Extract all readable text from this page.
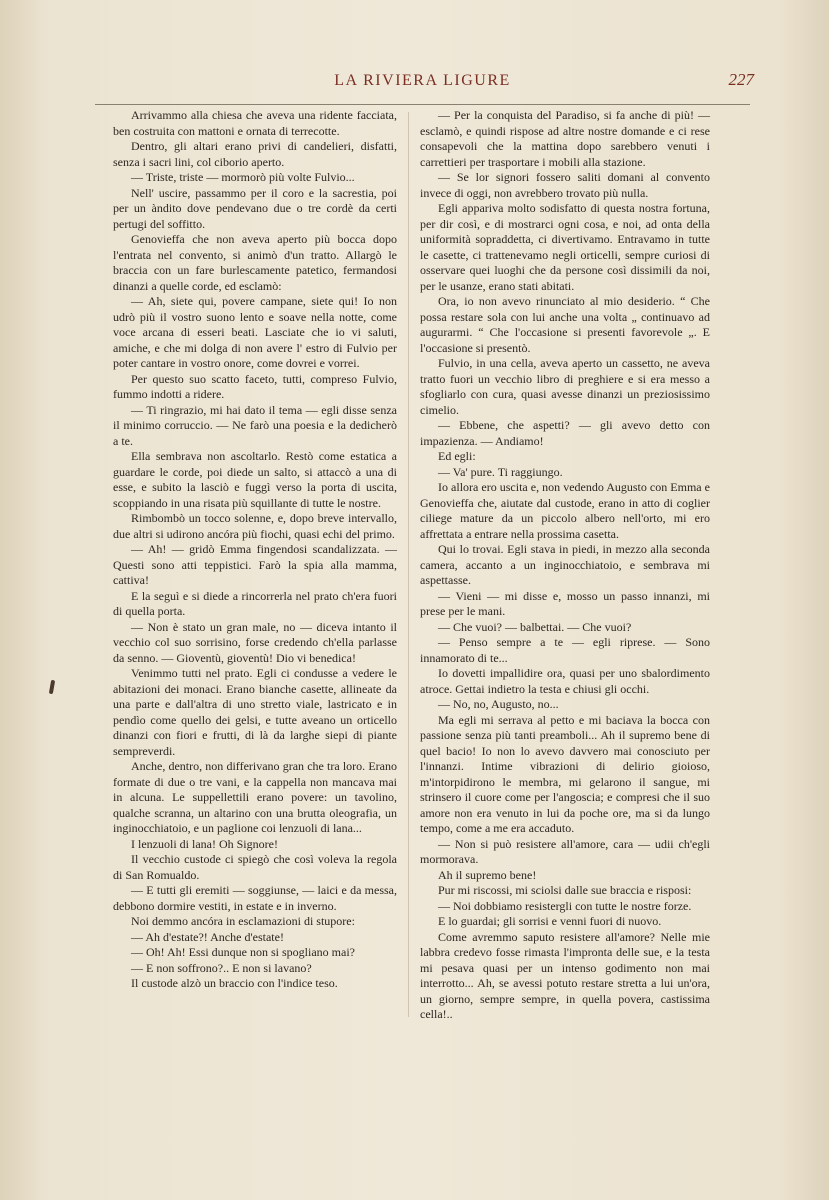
LA RIVIERA LIGURE	227

Arrivammo alla chiesa che aveva una ridente facciata, ben costruita con mattoni e ornata di terrecotte.

Dentro, gli altari erano privi di candelieri, disfatti, senza i sacri lini, col ciborio aperto.

— Triste, triste — mormorò più volte Fulvio...

Nell' uscire, passammo per il coro e la sacrestia, poi per un àndito dove pendevano due o tre cordè da certi pertugi del soffitto.

Genovieffa che non aveva aperto più bocca dopo l'entrata nel convento, si animò d'un tratto. Allargò le braccia con un fare burlescamente patetico, fermandosi dinanzi a quelle corde, ed esclamò:

— Ah, siete qui, povere campane, siete qui! Io non udrò più il vostro suono lento e soave nella notte, come voce arcana di esseri beati. Lasciate che io vi saluti, amiche, e che mi dolga di non avere l' estro di Fulvio per poter cantare in vostro onore, come dovrei e vorrei.

Per questo suo scatto faceto, tutti, compreso Fulvio, fummo indotti a ridere.

— Ti ringrazio, mi hai dato il tema — egli disse senza il minimo corruccio. — Ne farò una poesia e la dedicherò a te.

Ella sembrava non ascoltarlo. Restò come estatica a guardare le corde, poi diede un salto, si attaccò a una di esse, e subito la lasciò e fuggì verso la porta di uscita, scoppiando in una risata più squillante di tutte le nostre.

Rimbombò un tocco solenne, e, dopo breve intervallo, due altri si udirono ancóra più fiochi, quasi echi del primo.

— Ah! — gridò Emma fingendosi scandalizzata. — Questi sono atti teppistici. Farò la spia alla mamma, cattiva!

E la seguì e si diede a rincorrerla nel prato ch'era fuori di quella porta.

— Non è stato un gran male, no — diceva intanto il vecchio col suo sorrisino, forse credendo ch'ella parlasse da senno. — Gioventù, gioventù! Dio vi benedica!

Venimmo tutti nel prato. Egli ci condusse a vedere le abitazioni dei monaci. Erano bianche casette, allineate da una parte e dall'altra di uno stretto viale, lastricato e in pendìo come quello dei gelsi, e tutte aveano un orticello dinanzi con fiori e frutti, di là da larghe siepi di piante sempreverdi.

Anche, dentro, non differivano gran che tra loro. Erano formate di due o tre vani, e la cappella non mancava mai in alcuna. Le suppellettili erano povere: un tavolino, qualche scranna, un altarino con una brutta oleografia, un inginocchiatoio, e un paglione coi lenzuoli di lana...

I lenzuoli di lana! Oh Signore!

Il vecchio custode ci spiegò che così voleva la regola di San Romualdo.

— E tutti gli eremiti — soggiunse, — laici e da messa, debbono dormire vestiti, in estate e in inverno.

Noi demmo ancóra in esclamazioni di stupore:

— Ah d'estate?! Anche d'estate!

— Oh! Ah! Essi dunque non si spogliano mai?

— E non soffrono?.. E non si lavano?

Il custode alzò un braccio con l'indice teso.

— Per la conquista del Paradiso, si fa anche di più! — esclamò, e quindi rispose ad altre nostre domande e ci rese consapevoli che la mattina dopo sarebbero venuti i carrettieri per trasportare i mobili alla stazione.

— Se lor signori fossero saliti domani al convento invece di oggi, non avrebbero trovato più nulla.

Egli appariva molto sodisfatto di questa nostra fortuna, per dir così, e di mostrarci ogni cosa, e noi, ad onta della uniformità sopraddetta, ci divertivamo. Entravamo in tutte le casette, ci trattenevamo negli orticelli, sempre curiosi di osservare quei luoghi che da persone così dissimili da noi, per le usanze, erano stati abitati.

Ora, io non avevo rinunciato al mio desiderio. “ Che possa restare sola con lui anche una volta „ continuavo ad augurarmi. “ Che l'occasione si presenti favorevole „. E l'occasione si presentò.

Fulvio, in una cella, aveva aperto un cassetto, ne aveva tratto fuori un vecchio libro di preghiere e si era messo a sfogliarlo con cura, quasi avesse dinanzi un preziosissimo cimelio.

— Ebbene, che aspetti? — gli avevo detto con impazienza. — Andiamo!

Ed egli:

— Va' pure. Ti raggiungo.

Io allora ero uscita e, non vedendo Augusto con Emma e Genovieffa che, aiutate dal custode, erano in atto di coglier ciliege mature da un piccolo albero nell'orto, mi ero affrettata a entrare nella prossima casetta.

Qui lo trovai. Egli stava in piedi, in mezzo alla seconda camera, accanto a un inginocchiatoio, e sembrava mi aspettasse.

— Vieni — mi disse e, mosso un passo innanzi, mi prese per le mani.

— Che vuoi? — balbettai. — Che vuoi?

— Penso sempre a te — egli riprese. — Sono innamorato di te...

Io dovetti impallidire ora, quasi per uno sbalordimento atroce. Gettai indietro la testa e chiusi gli occhi.

— No, no, Augusto, no...

Ma egli mi serrava al petto e mi baciava la bocca con passione senza più tanti preamboli... Ah il supremo bene di quel bacio! Io non lo avevo davvero mai conosciuto per l'innanzi. Intime vibrazioni di delirio gioioso, m'intorpidirono le membra, mi gelarono il sangue, mi strinsero il cuore come per l'angoscia; e compresi che il suo amore non era venuto in lui da poche ore, ma si da lungo tempo, come a me era accaduto.

— Non si può resistere all'amore, cara — udii ch'egli mormorava.

Ah il supremo bene!

Pur mi riscossi, mi sciolsi dalle sue braccia e risposi:

— Noi dobbiamo resistergli con tutte le nostre forze.

E lo guardai; gli sorrisi e venni fuori di nuovo.

Come avremmo saputo resistere all'amore? Nelle mie labbra credevo fosse rimasta l'impronta delle sue, e la testa mi pesava quasi per un intenso godimento non mai interrotto... Ah, se avessi potuto restare stretta a lui un'ora, un giorno, sempre sempre, in quella povera, castissima cella!..
